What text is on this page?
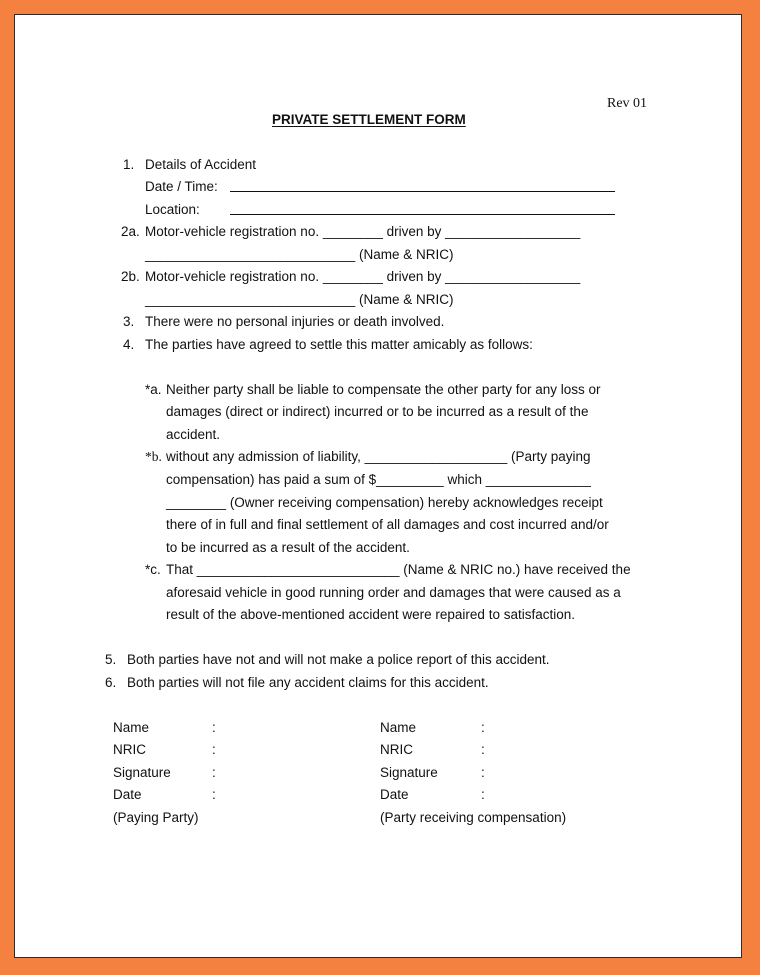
Rev 01
PRIVATE SETTLEMENT FORM
1. Details of Accident
Date / Time:
Location:
2a. Motor-vehicle registration no. ________ driven by __________________
____________________________ (Name & NRIC)
2b. Motor-vehicle registration no. ________ driven by __________________
____________________________ (Name & NRIC)
3. There were no personal injuries or death involved.
4. The parties have agreed to settle this matter amicably as follows:
*a. Neither party shall be liable to compensate the other party for any loss or
damages (direct or indirect) incurred or to be incurred as a result of the
accident.
*b. without any admission of liability, ___________________ (Party paying
compensation) has paid a sum of $_________ which ______________
________ (Owner receiving compensation) hereby acknowledges receipt
there of in full and final settlement of all damages and cost incurred and/or
to be incurred as a result of the accident.
*c. That ___________________________ (Name & NRIC no.) have received the
aforesaid vehicle in good running order and damages that were caused as a
result of the above-mentioned accident were repaired to satisfaction.
5. Both parties have not and will not make a police report of this accident.
6. Both parties will not file any accident claims for this accident.
Name	:
NRIC	:
Signature	:
Date	:
(Paying Party)
Name	:
NRIC	:
Signature	:
Date	:
(Party receiving compensation)
